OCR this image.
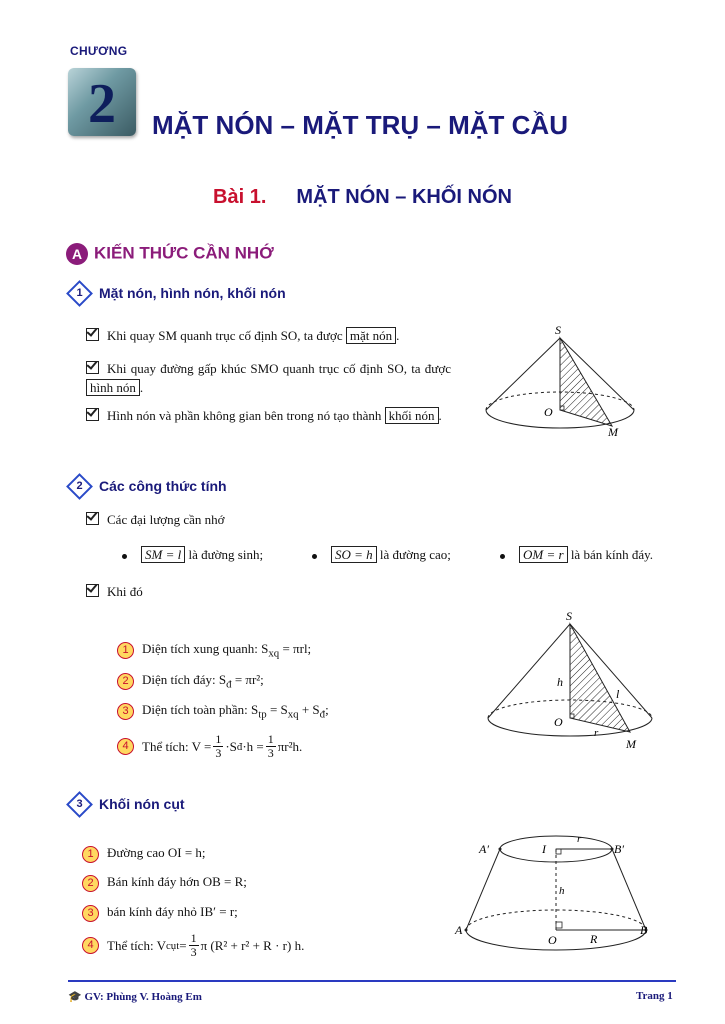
CHƯƠNG
2	MẶT NÓN – MẶT TRỤ – MẶT CẦU
Bài 1. MẶT NÓN – KHỐI NÓN
A KIẾN THỨC CẦN NHỚ
1	Mặt nón, hình nón, khối nón
Khi quay SM quanh trục cố định SO, ta được mặt nón .
Khi quay đường gấp khúc SMO quanh trục cố định SO, ta được hình nón .
Hình nón và phần không gian bên trong nó tạo thành khối nón .
S
O
M
2	Các công thức tính
Các đại lượng cần nhớ
SM = l là đường sinh;	SO = h là đường cao;	OM = r là bán kính đáy.
Khi đó
1 Diện tích xung quanh: $S_{xq} = \pi rl$;
2 Diện tích đáy: $S_đ = \pi r^2$;
3 Diện tích toàn phần: $S_{tp} = S_{xq} + S_đ$;
4	Thể tích: $V = \frac{1}{3} \cdot S$ đ $\cdot h = \frac{1}{3} \pi r^2h$.
S
h
l
O
r
M
3	Khối nón cụt
1 Đường cao OI = h;
2 Bán kính đáy hớn OB = R;
3 bán kính đáy nhỏ IB′ = r;
4	Thể tích: V cụt = $\frac{1}{3}$ π (R² + r² + R · r) h.
A′	I
r
B′
h
A
O	R
B
🎓 GV: Phùng V. Hoàng Em	Trang 1
